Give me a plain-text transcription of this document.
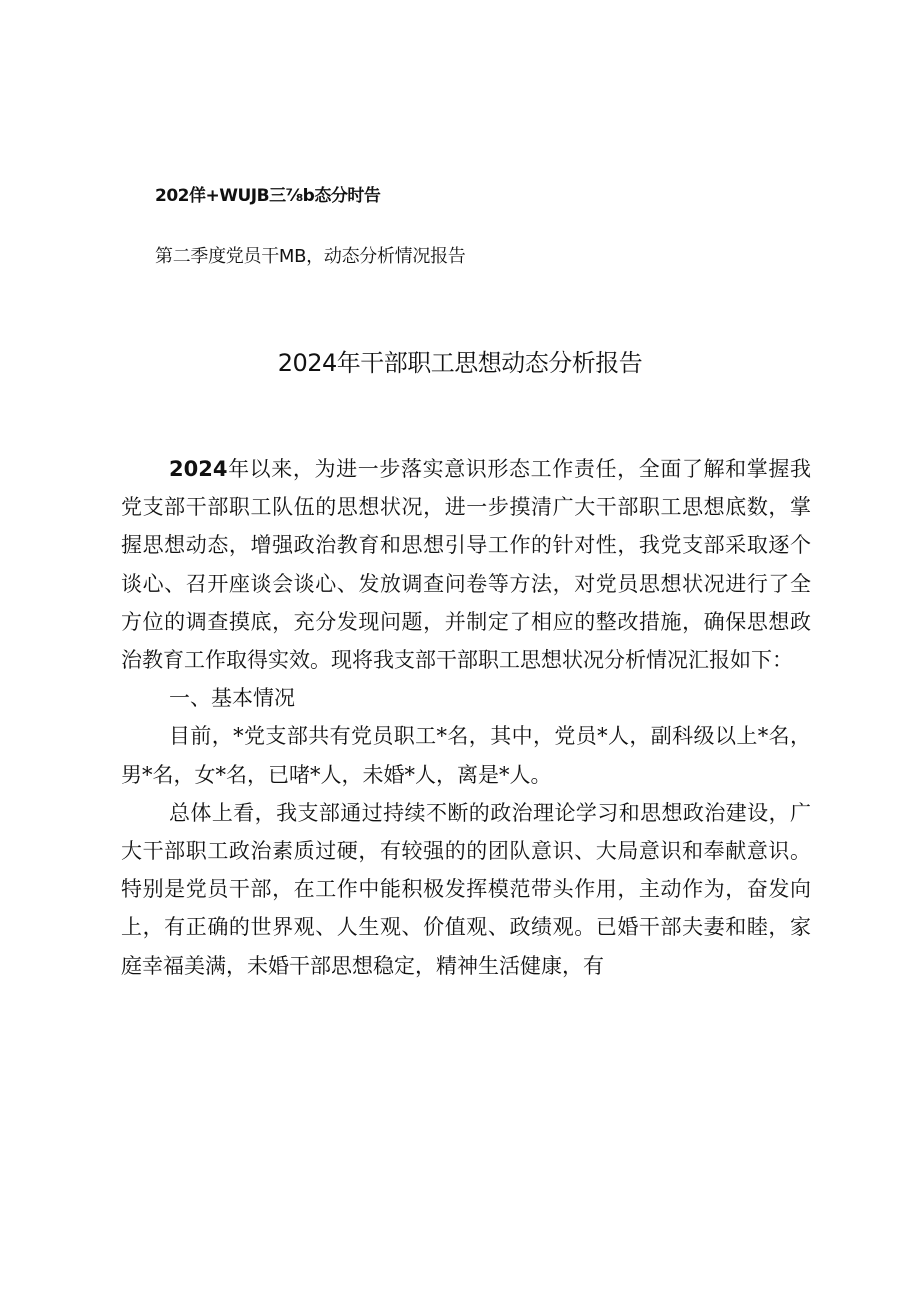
202佯+WUJB三⅞b态分时告
第二季度党员干MB，动态分析情况报告
2024年干部职工思想动态分析报告

2024年以来，为进一步落实意识形态工作责任，全面了解和掌握我党支部干部职工队伍的思想状况，进一步摸清广大干部职工思想底数，掌握思想动态，增强政治教育和思想引导工作的针对性，我党支部采取逐个谈心、召开座谈会谈心、发放调查问卷等方法，对党员思想状况进行了全方位的调查摸底，充分发现问题，并制定了相应的整改措施，确保思想政治教育工作取得实效。现将我支部干部职工思想状况分析情况汇报如下：

一、基本情况

目前，*党支部共有党员职工*名，其中，党员*人，副科级以上*名，男*名，女*名，已啫*人，未婚*人，离是*人。

总体上看，我支部通过持续不断的政治理论学习和思想政治建设，广大干部职工政治素质过硬，有较强的的团队意识、大局意识和奉献意识。特别是党员干部，在工作中能积极发挥模范带头作用，主动作为，奋发向上，有正确的世界观、人生观、价值观、政绩观。已婚干部夫妻和睦，家庭幸福美满，未婚干部思想稳定，精神生活健康，有
